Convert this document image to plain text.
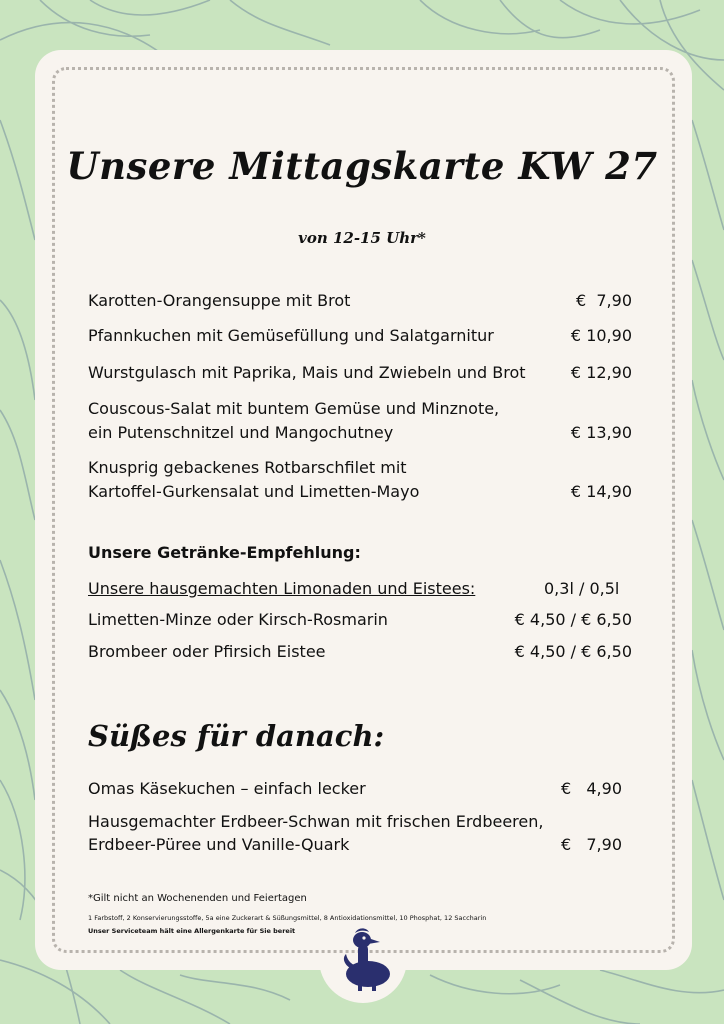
Unsere Mittagskarte KW 27
von 12-15 Uhr*
Karotten-Orangensuppe mit Brot	€  7,90
Pfannkuchen mit Gemüsefüllung und Salatgarnitur	€ 10,90
Wurstgulasch mit Paprika, Mais und Zwiebeln und Brot	€ 12,90
Couscous-Salat mit buntem Gemüse und Minznote,
ein Putenschnitzel und Mangochutney	€ 13,90
Knusprig gebackenes Rotbarschfilet mit
Kartoffel-Gurkensalat und Limetten-Mayo	€ 14,90
Unsere Getränke-Empfehlung:
Unsere hausgemachten Limonaden und Eistees:	0,3l / 0,5l
Limetten-Minze oder Kirsch-Rosmarin	€ 4,50 / € 6,50
Brombeer oder Pfirsich Eistee	€ 4,50 / € 6,50
Süßes für danach:
Omas Käsekuchen – einfach lecker	€   4,90
Hausgemachter Erdbeer-Schwan mit frischen Erdbeeren,
Erdbeer-Püree und Vanille-Quark	€   7,90
*Gilt nicht an Wochenenden und Feiertagen
1 Farbstoff, 2 Konservierungsstoffe, 5a eine Zuckerart & Süßungsmittel, 8 Antioxidationsmittel, 10 Phosphat, 12 Saccharin
Unser Serviceteam hält eine Allergenkarte für Sie bereit
